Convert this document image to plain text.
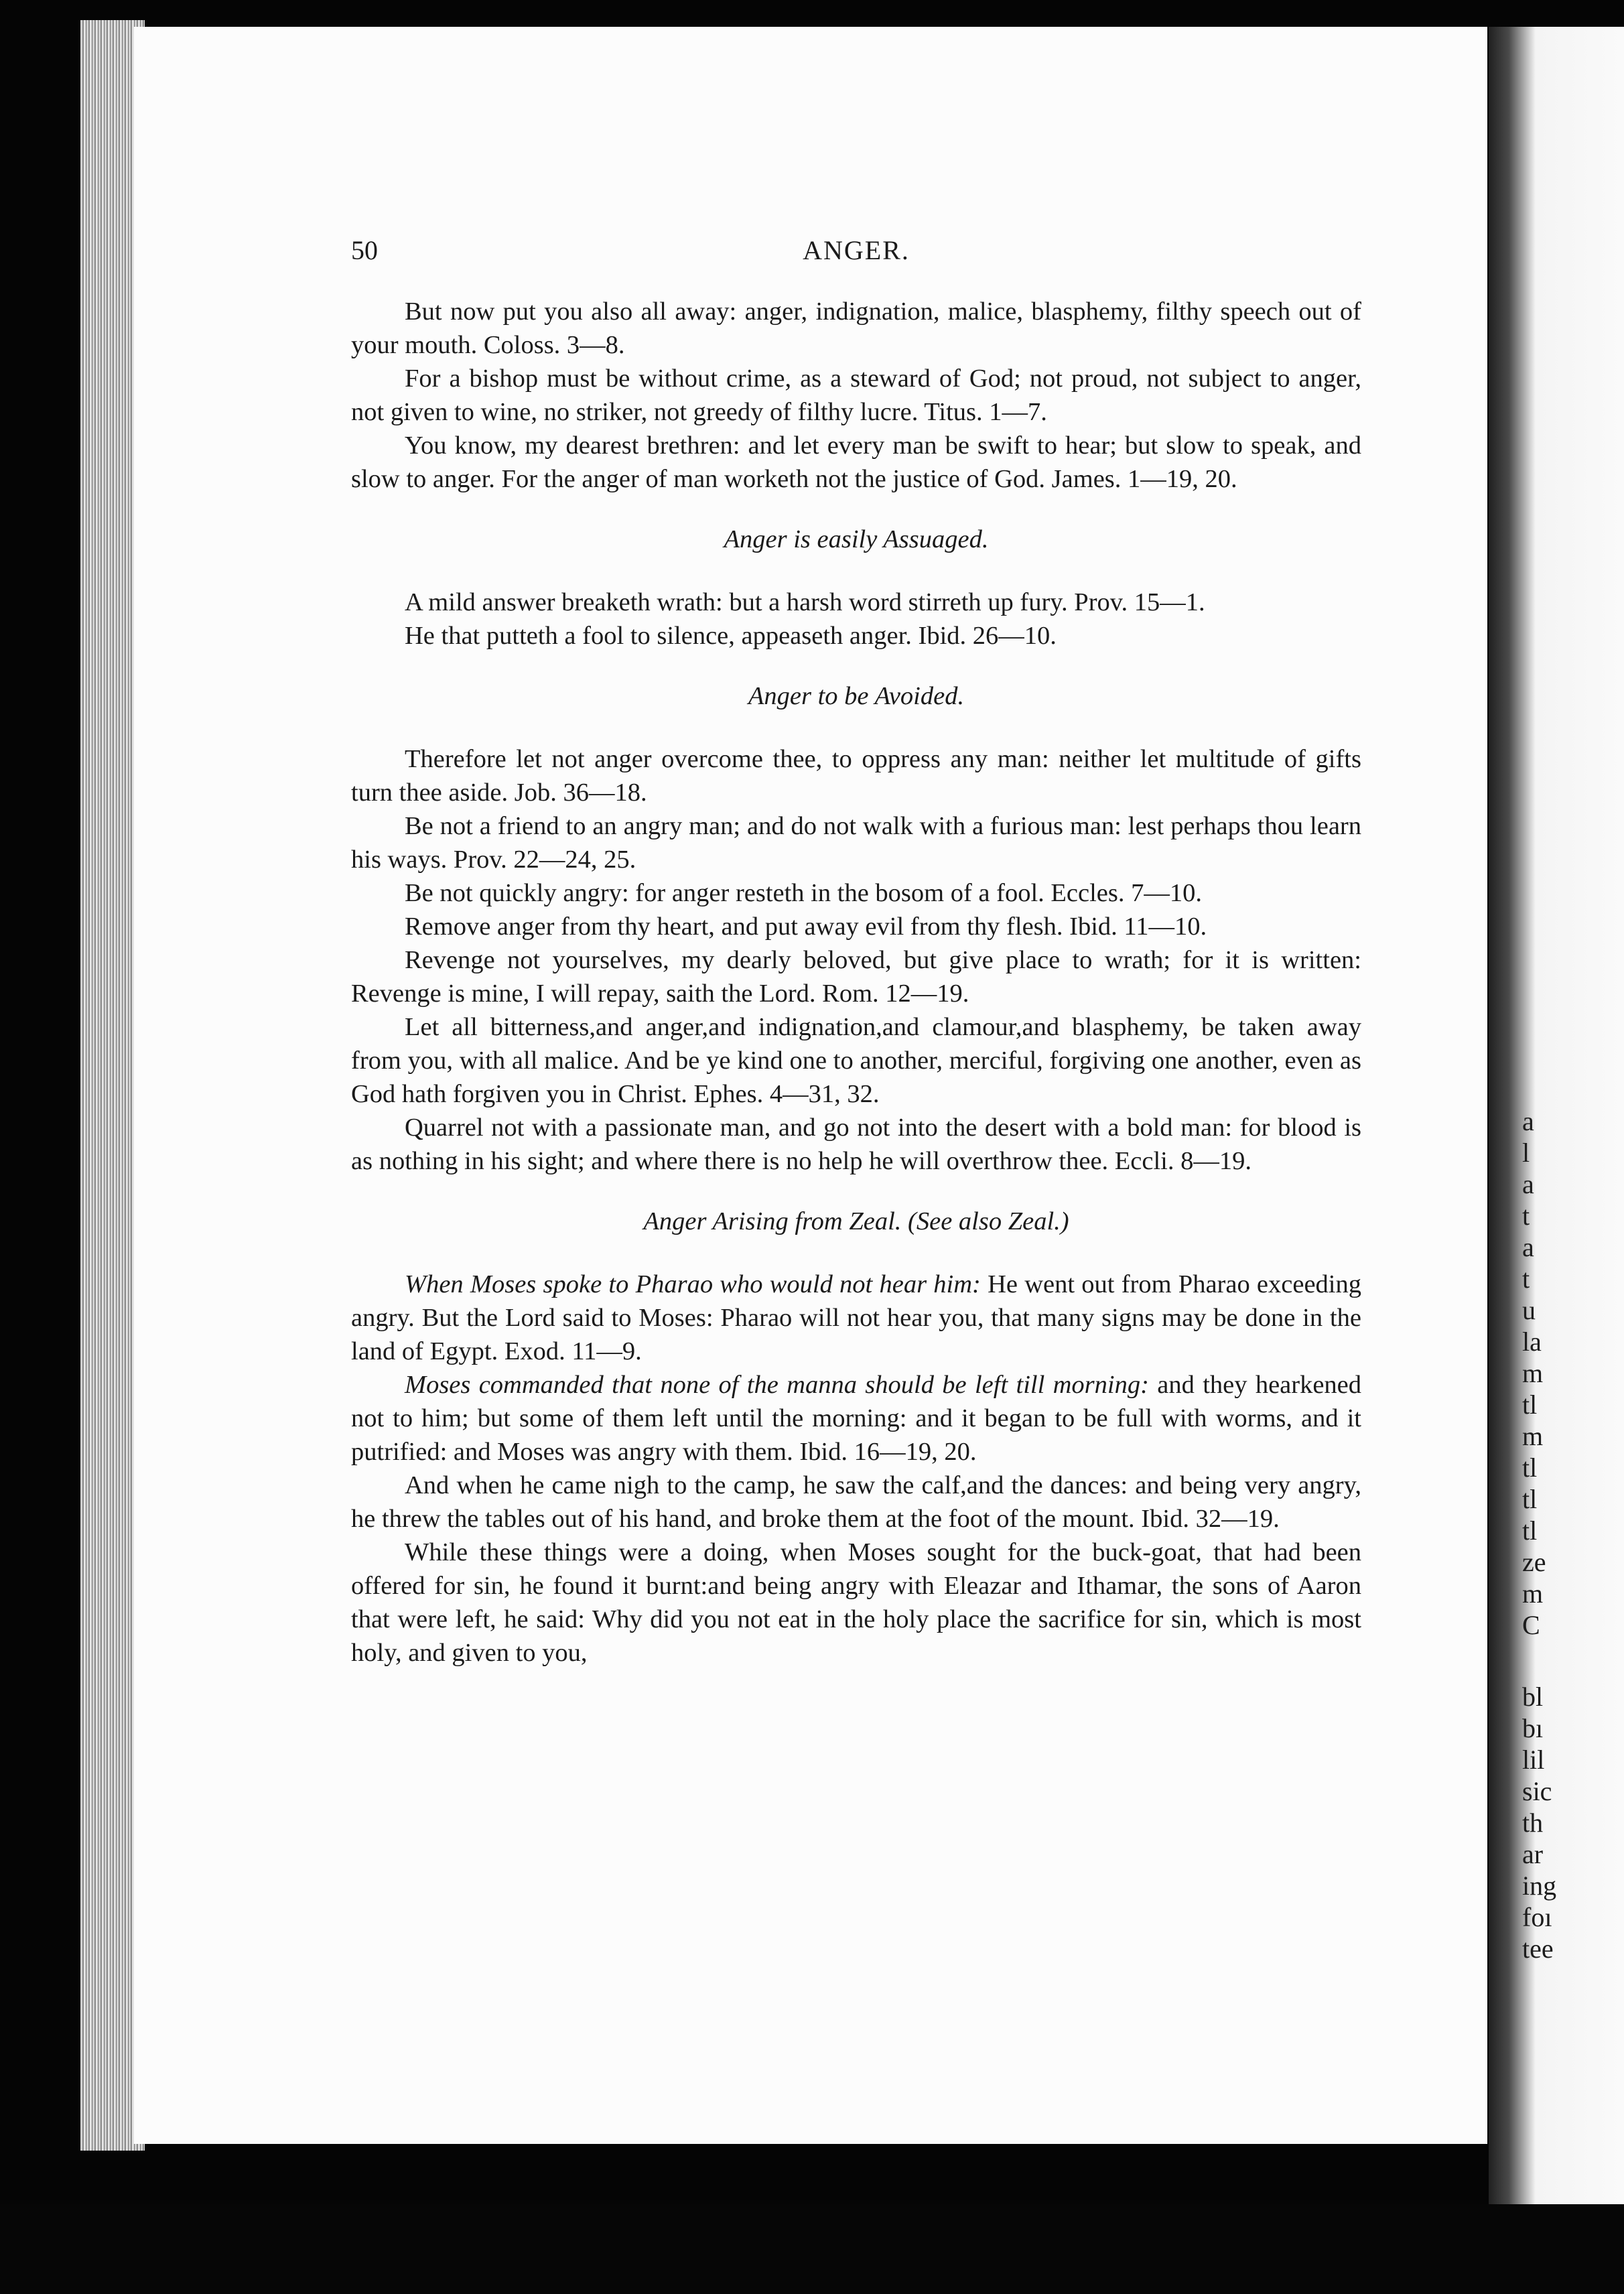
50	ANGER.

But now put you also all away: anger, indignation, malice, blasphemy, filthy speech out of your mouth. Coloss. 3—8.

For a bishop must be without crime, as a steward of God; not proud, not subject to anger, not given to wine, no striker, not greedy of filthy lucre. Titus. 1—7.

You know, my dearest brethren: and let every man be swift to hear; but slow to speak, and slow to anger. For the anger of man worketh not the justice of God. James. 1—19, 20.

Anger is easily Assuaged.

A mild answer breaketh wrath: but a harsh word stirreth up fury. Prov. 15—1.

He that putteth a fool to silence, appeaseth anger. Ibid. 26—10.

Anger to be Avoided.

Therefore let not anger overcome thee, to oppress any man: neither let multitude of gifts turn thee aside. Job. 36—18.

Be not a friend to an angry man; and do not walk with a furious man: lest perhaps thou learn his ways. Prov. 22—24, 25.

Be not quickly angry: for anger resteth in the bosom of a fool. Eccles. 7—10.

Remove anger from thy heart, and put away evil from thy flesh. Ibid. 11—10.

Revenge not yourselves, my dearly beloved, but give place to wrath; for it is written: Revenge is mine, I will repay, saith the Lord. Rom. 12—19.

Let all bitterness,and anger,and indignation,and clamour,and blasphemy, be taken away from you, with all malice. And be ye kind one to another, merciful, forgiving one another, even as God hath forgiven you in Christ. Ephes. 4—31, 32.

Quarrel not with a passionate man, and go not into the desert with a bold man: for blood is as nothing in his sight; and where there is no help he will overthrow thee. Eccli. 8—19.

Anger Arising from Zeal. (See also Zeal.)

When Moses spoke to Pharao who would not hear him: He went out from Pharao exceeding angry. But the Lord said to Moses: Pharao will not hear you, that many signs may be done in the land of Egypt. Exod. 11—9.

Moses commanded that none of the manna should be left till morning: and they hearkened not to him; but some of them left until the morning: and it began to be full with worms, and it putrified: and Moses was angry with them. Ibid. 16—19, 20.

And when he came nigh to the camp, he saw the calf,and the dances: and being very angry, he threw the tables out of his hand, and broke them at the foot of the mount. Ibid. 32—19.

While these things were a doing, when Moses sought for the buck-goat, that had been offered for sin, he found it burnt:and being angry with Eleazar and Ithamar, the sons of Aaron that were left, he said: Why did you not eat in the holy place the sacrifice for sin, which is most holy, and given to you,

a
l
a
t
a
t
u
la
m
tl
m
tl
tl
tl
ze
m
C
bl
bı
lil
sic
th
ar
ing
foı
tee
